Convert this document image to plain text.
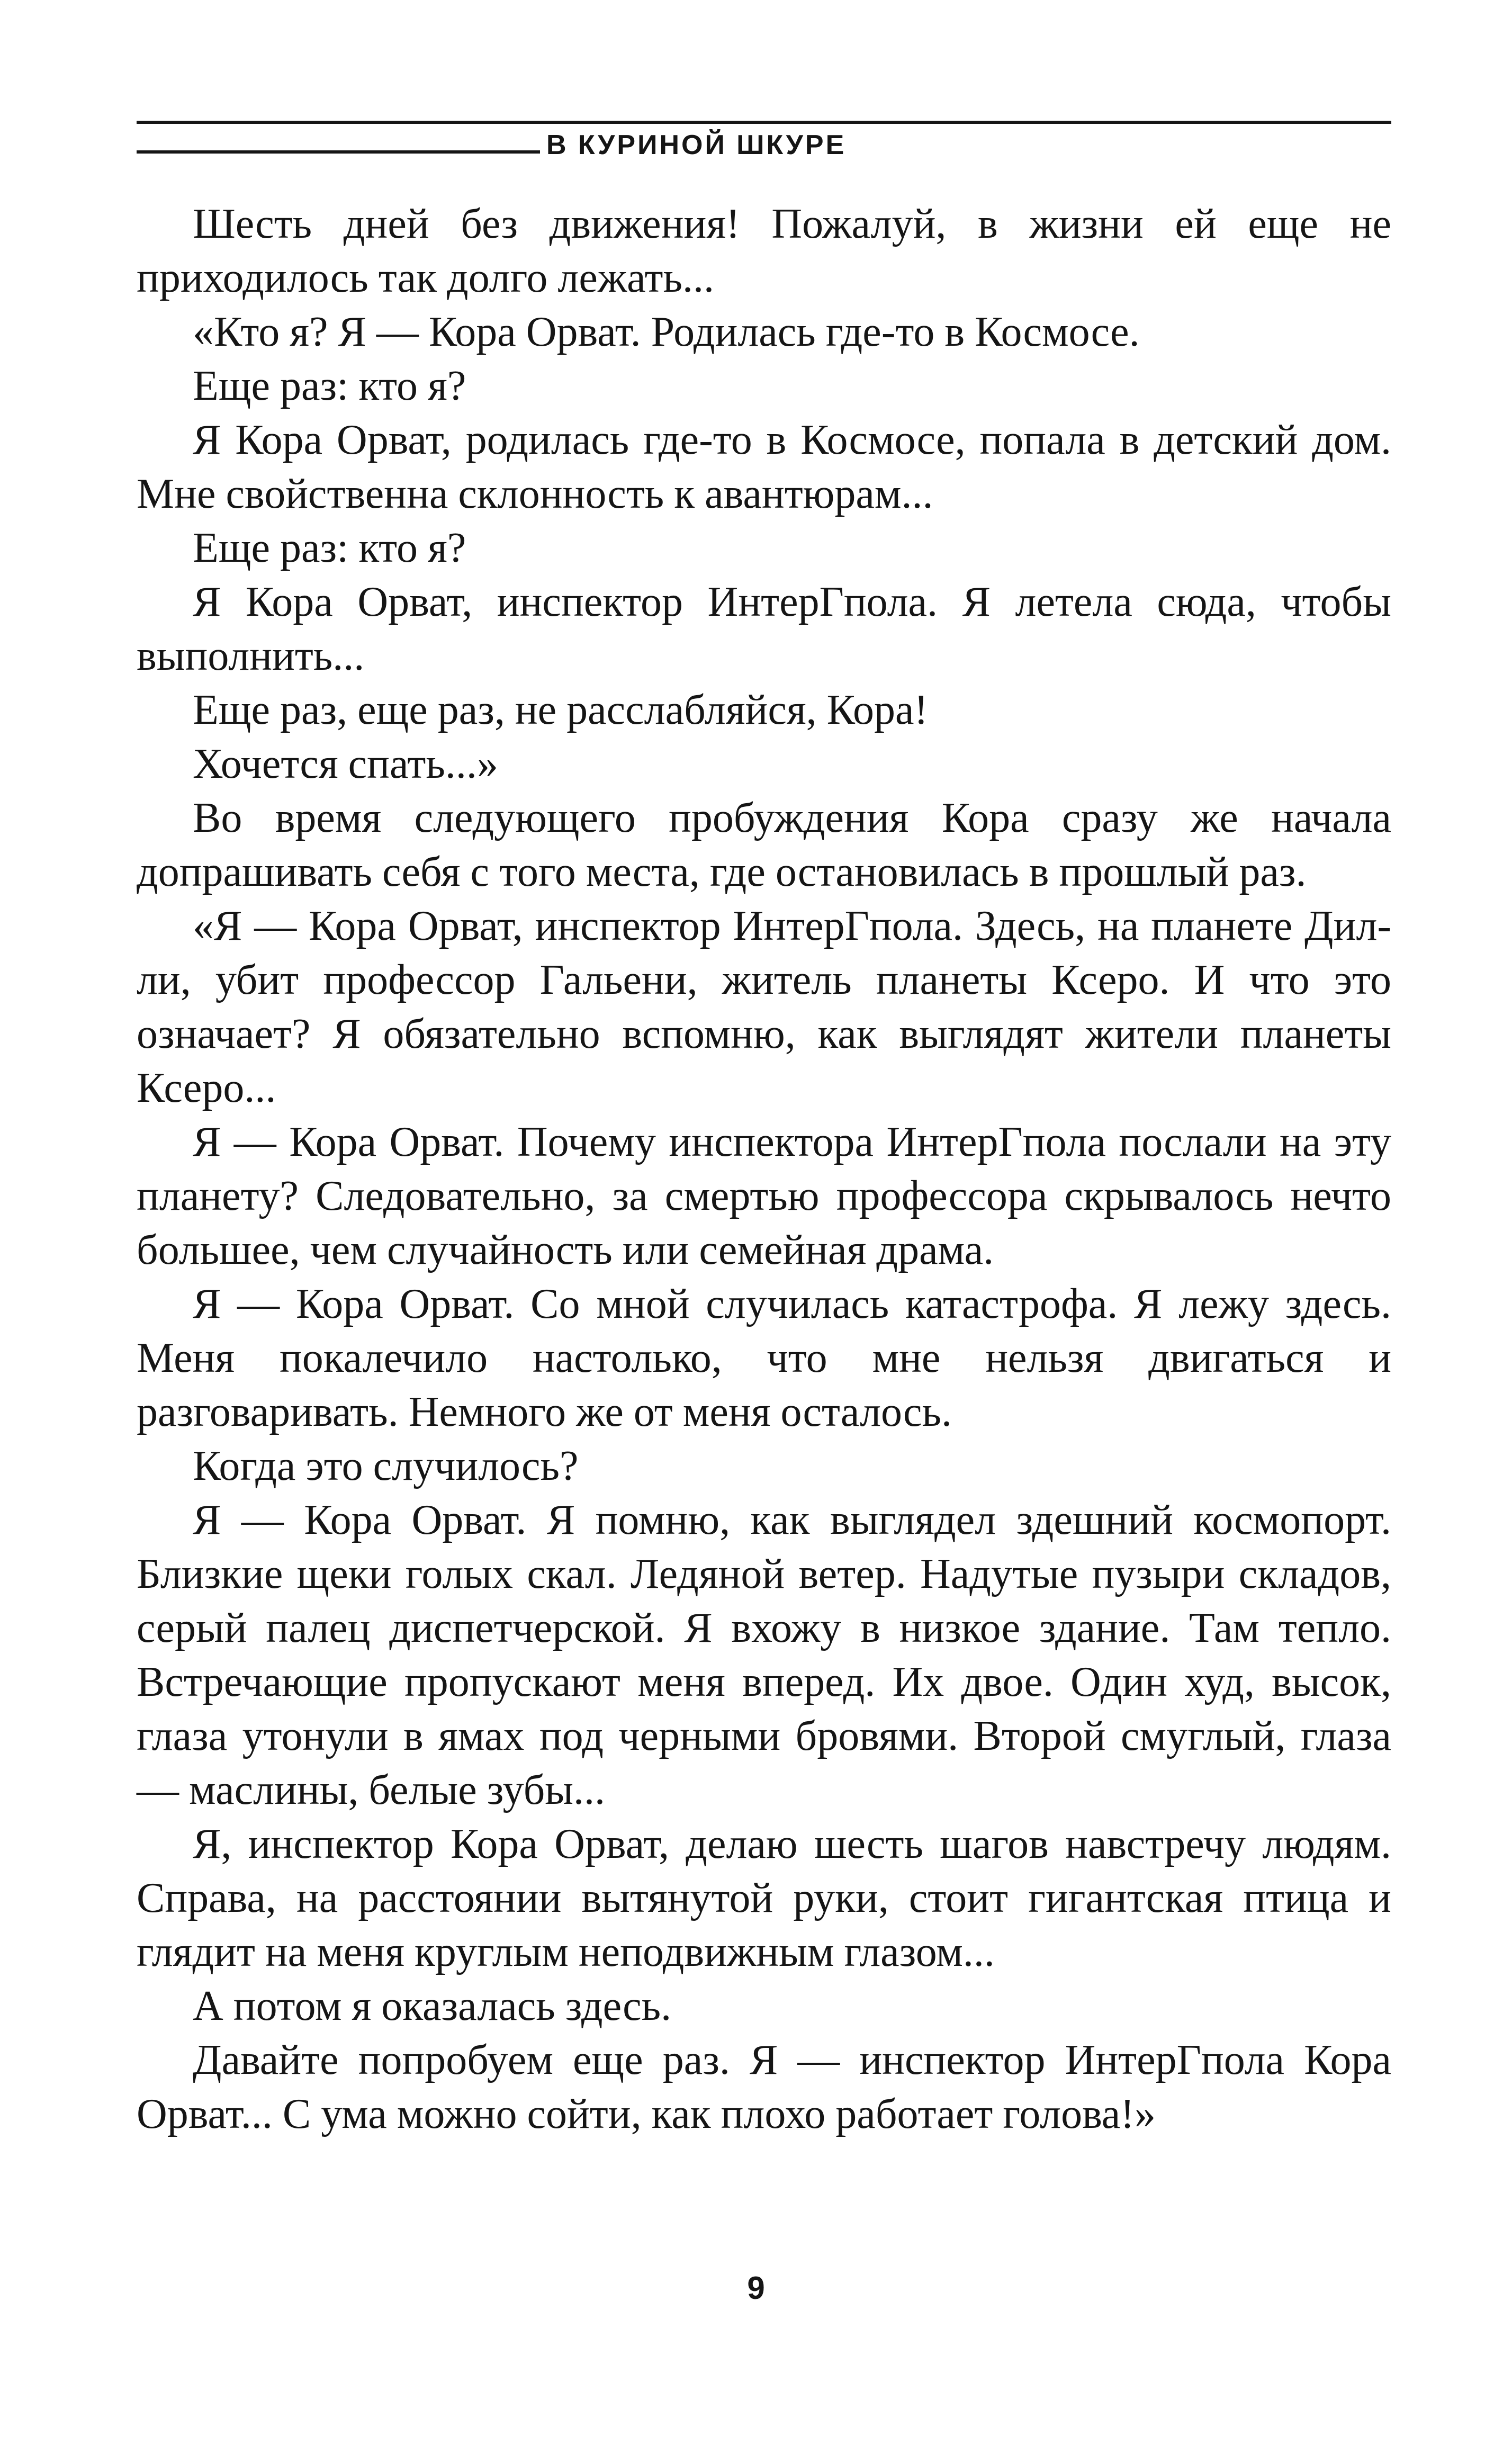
В КУРИНОЙ ШКУРЕ

Шесть дней без движения! Пожалуй, в жизни ей еще не приходилось так долго лежать...

«Кто я? Я — Кора Орват. Родилась где-то в Космосе.

Еще раз: кто я?

Я Кора Орват, родилась где-то в Космосе, попала в детский дом. Мне свойственна склонность к авантюрам...

Еще раз: кто я?

Я Кора Орват, инспектор ИнтерГпола. Я летела сюда, чтобы выполнить...

Еще раз, еще раз, не расслабляйся, Кора!

Хочется спать...»

Во время следующего пробуждения Кора сразу же начала допрашивать себя с того места, где остановилась в прошлый раз.

«Я — Кора Орват, инспектор ИнтерГпола. Здесь, на планете Дил-ли, убит профессор Гальени, житель планеты Ксеро. И что это означает? Я обязательно вспомню, как выглядят жители планеты Ксеро...

Я — Кора Орват. Почему инспектора ИнтерГпола послали на эту планету? Следовательно, за смертью профессора скрывалось нечто большее, чем случайность или семейная драма.

Я — Кора Орват. Со мной случилась катастрофа. Я лежу здесь. Меня покалечило настолько, что мне нельзя двигаться и разговаривать. Немного же от меня осталось.

Когда это случилось?

Я — Кора Орват. Я помню, как выглядел здешний космопорт. Близкие щеки голых скал. Ледяной ветер. Надутые пузыри складов, серый палец диспетчерской. Я вхожу в низкое здание. Там тепло. Встречающие пропускают меня вперед. Их двое. Один худ, высок, глаза утонули в ямах под черными бровями. Второй смуглый, глаза — маслины, белые зубы...

Я, инспектор Кора Орват, делаю шесть шагов навстречу людям. Справа, на расстоянии вытянутой руки, стоит гигантская птица и глядит на меня круглым неподвижным глазом...

А потом я оказалась здесь.

Давайте попробуем еще раз. Я — инспектор ИнтерГпола Кора Орват... С ума можно сойти, как плохо работает голова!»

9
